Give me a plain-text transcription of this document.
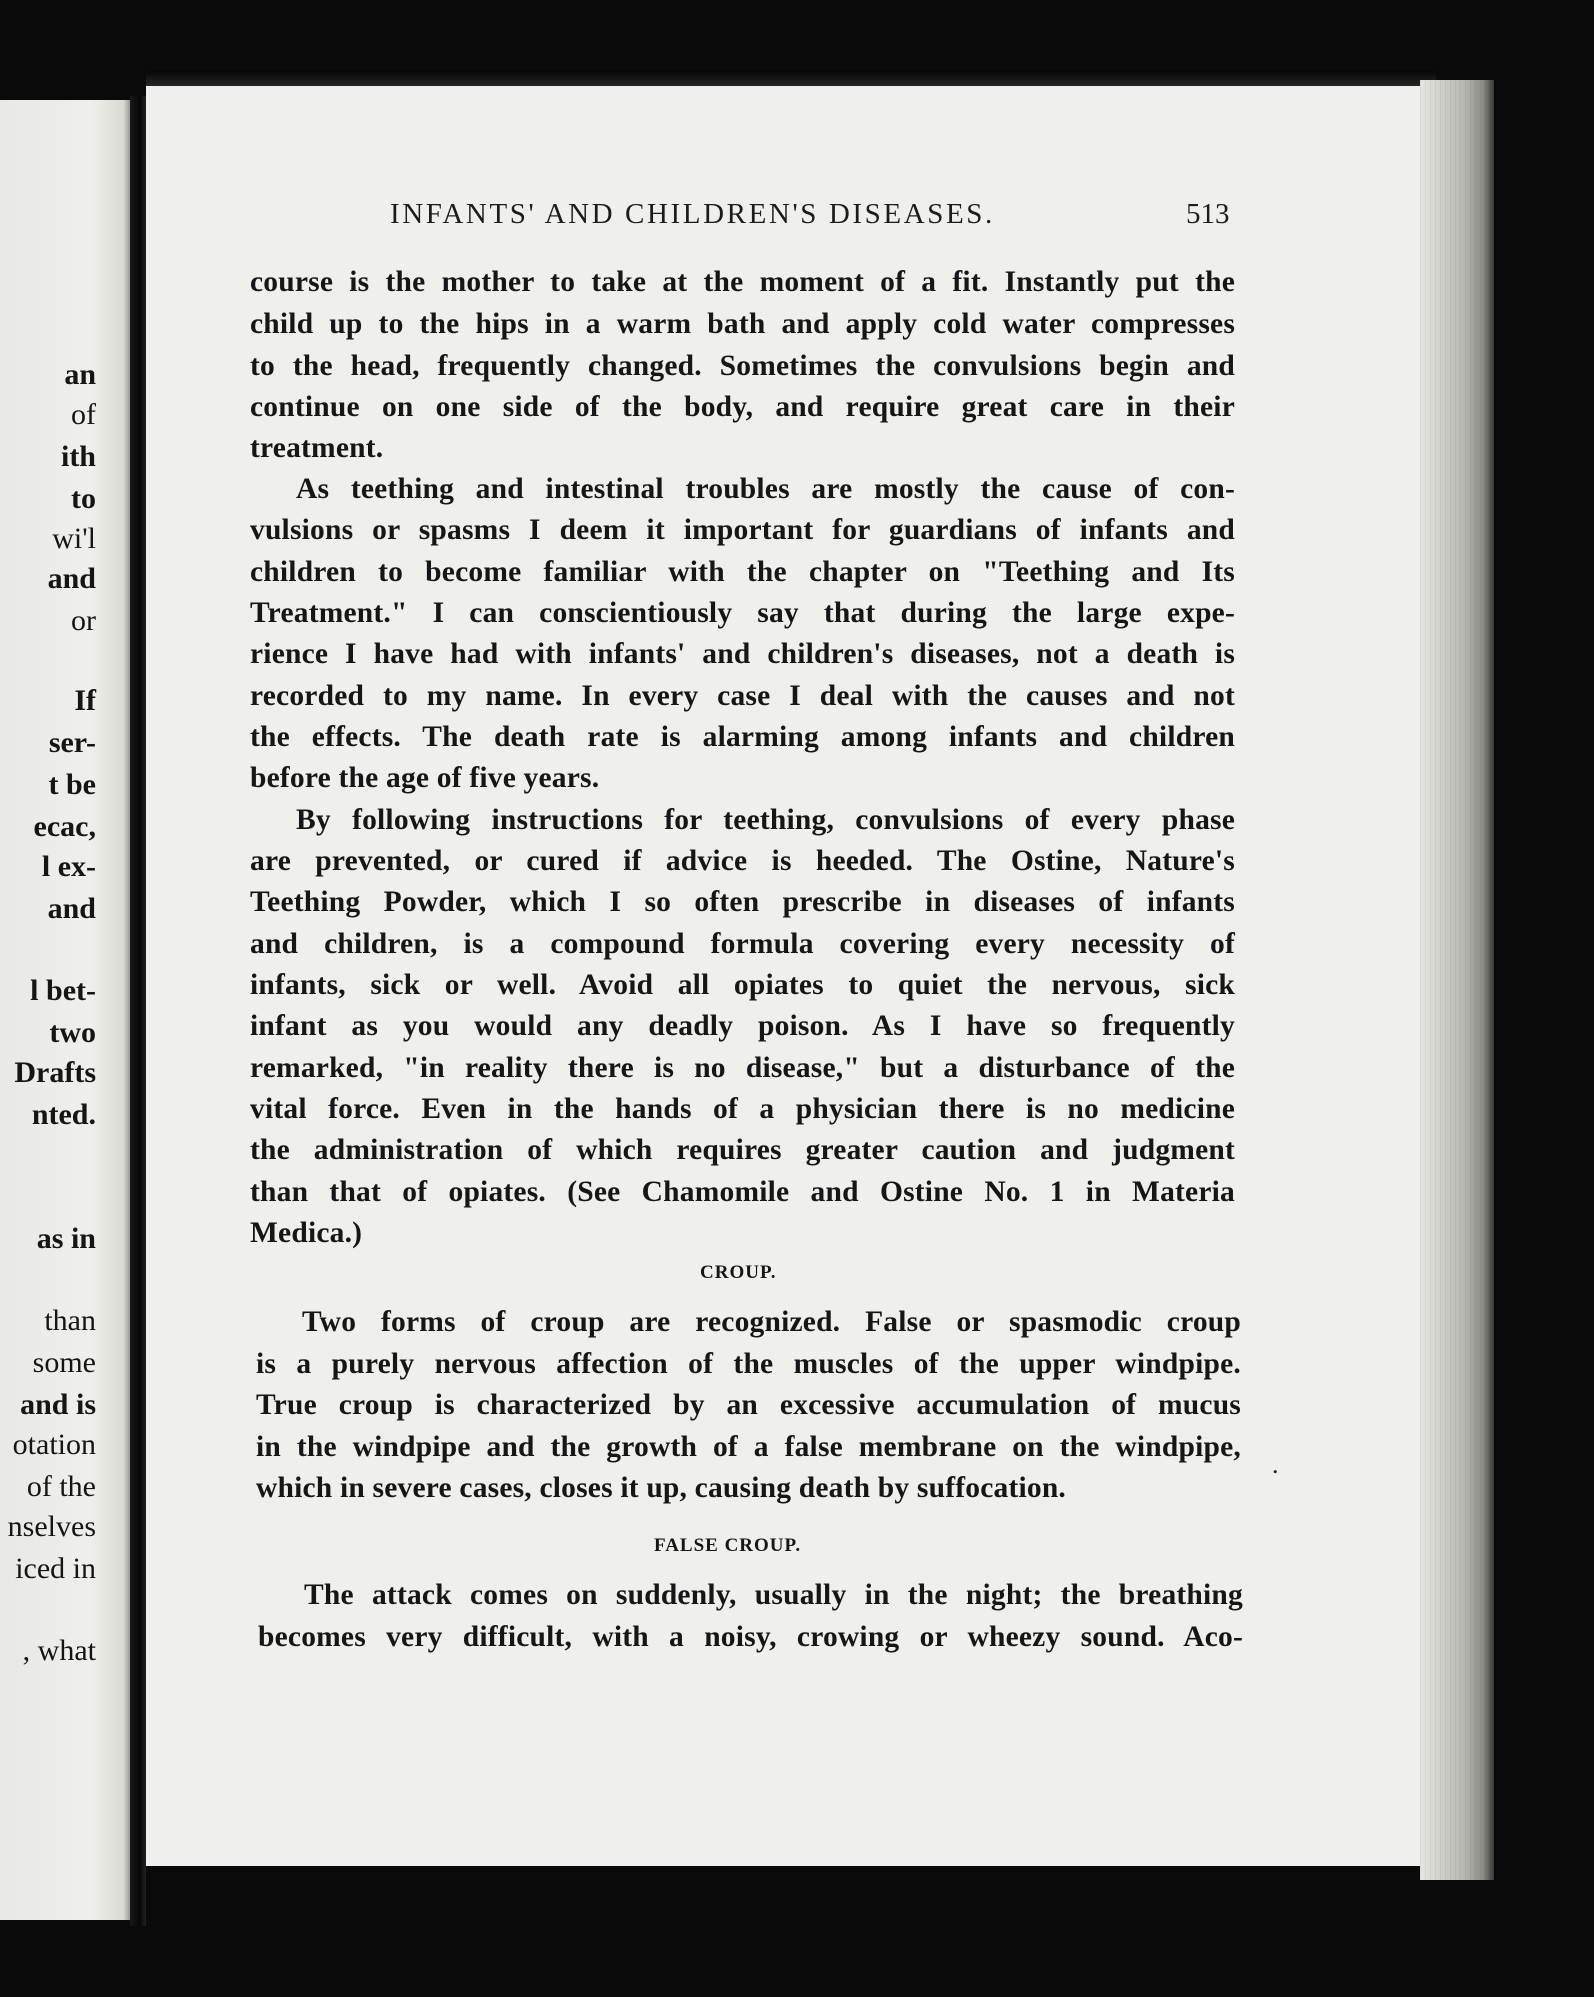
an
of
ith
to
wi'l
and
or
If
ser-
t be
ecac,
l ex-
and
l bet-
two
Drafts
nted.
as in
than
some
and is
otation
of the
nselves
iced in
, what
INFANTS' AND CHILDREN'S DISEASES.	513
course is the mother to take at the moment of a fit. Instantly put the
child up to the hips in a warm bath and apply cold water compresses
to the head, frequently changed. Sometimes the convulsions begin and
continue on one side of the body, and require great care in their
treatment.
As teething and intestinal troubles are mostly the cause of con-
vulsions or spasms I deem it important for guardians of infants and
children to become familiar with the chapter on "Teething and Its
Treatment." I can conscientiously say that during the large expe-
rience I have had with infants' and children's diseases, not a death is
recorded to my name. In every case I deal with the causes and not
the effects. The death rate is alarming among infants and children
before the age of five years.
By following instructions for teething, convulsions of every phase
are prevented, or cured if advice is heeded. The Ostine, Nature's
Teething Powder, which I so often prescribe in diseases of infants
and children, is a compound formula covering every necessity of
infants, sick or well. Avoid all opiates to quiet the nervous, sick
infant as you would any deadly poison. As I have so frequently
remarked, "in reality there is no disease," but a disturbance of the
vital force. Even in the hands of a physician there is no medicine
the administration of which requires greater caution and judgment
than that of opiates. (See Chamomile and Ostine No. 1 in Materia
Medica.)
CROUP.
Two forms of croup are recognized. False or spasmodic croup
is a purely nervous affection of the muscles of the upper windpipe.
True croup is characterized by an excessive accumulation of mucus
in the windpipe and the growth of a false membrane on the windpipe,
which in severe cases, closes it up, causing death by suffocation.
.
FALSE CROUP.
The attack comes on suddenly, usually in the night; the breathing
becomes very difficult, with a noisy, crowing or wheezy sound. Aco-
